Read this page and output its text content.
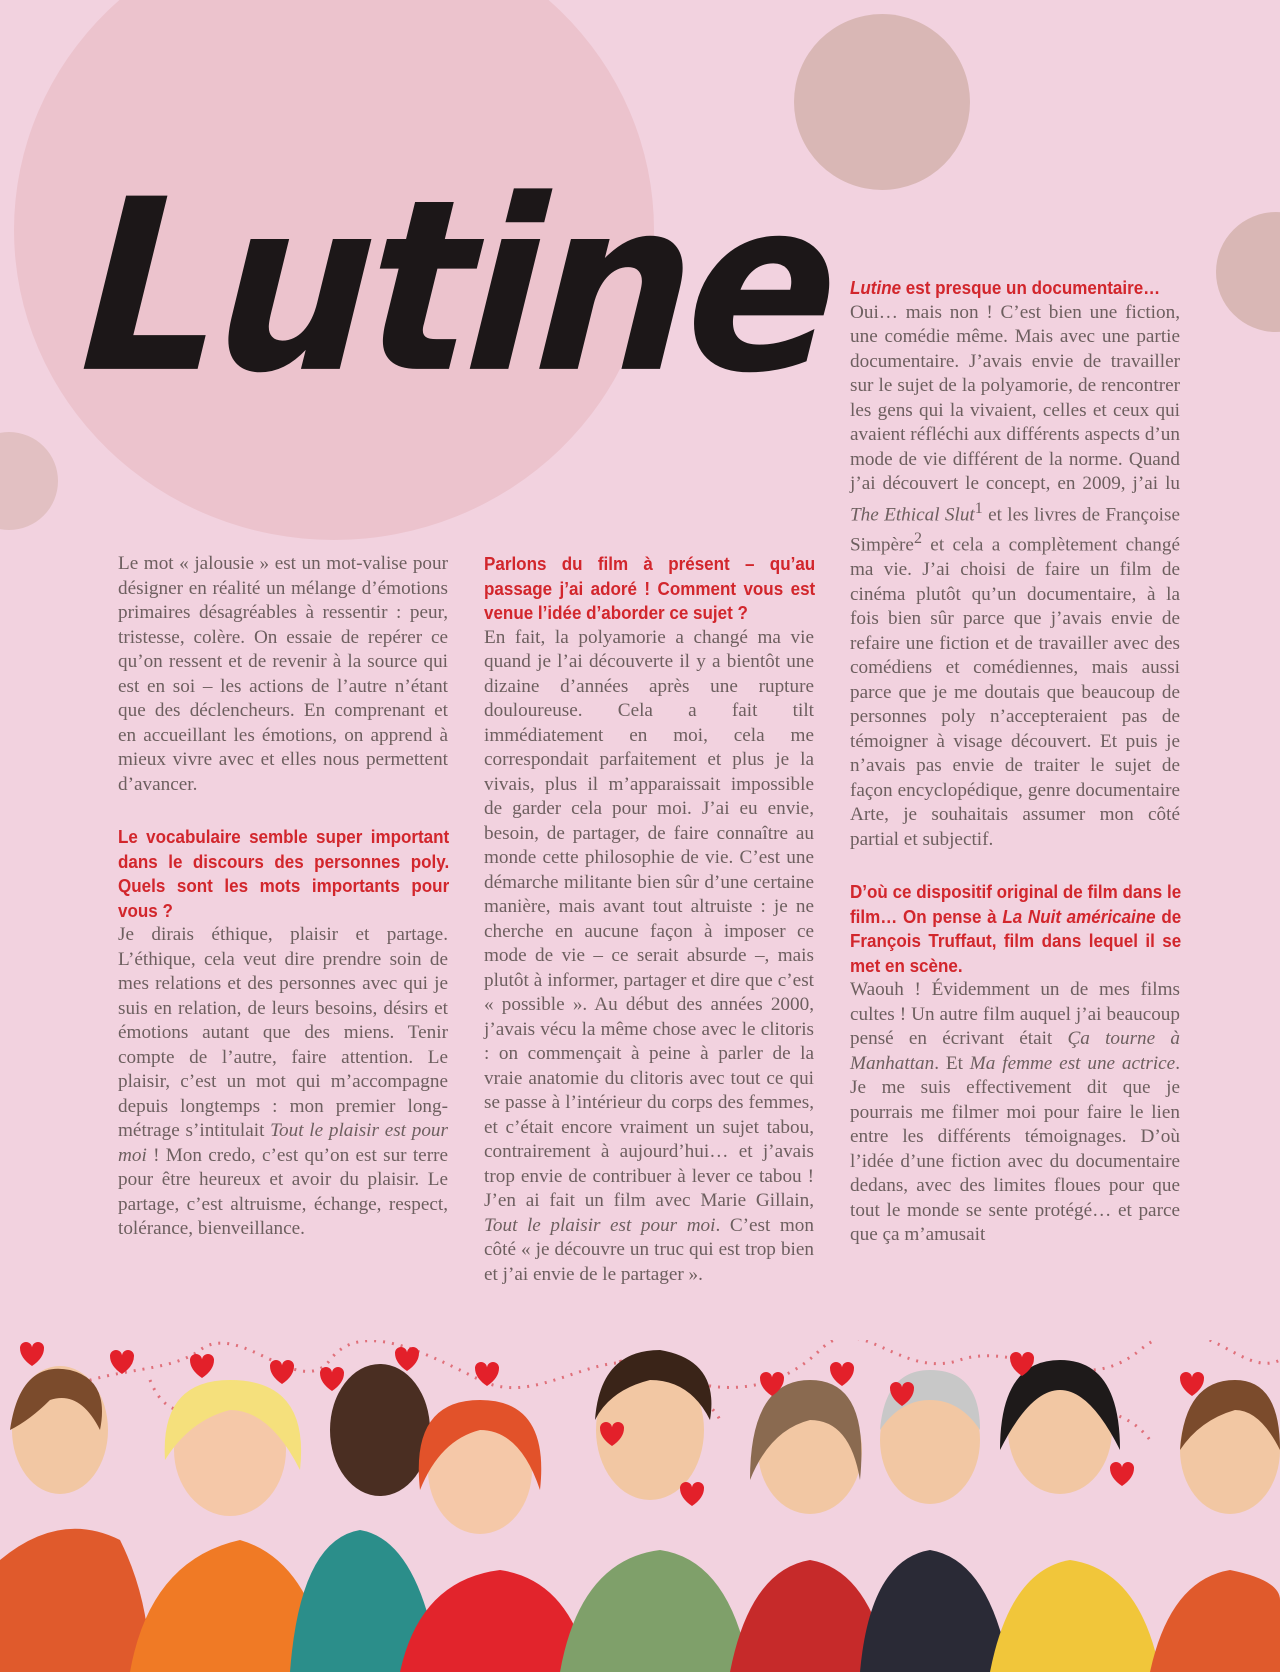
Lutine

Le mot « jalousie » est un mot-valise pour désigner en réalité un mélange d’émotions primaires désagréables à ressentir : peur, tristesse, colère. On essaie de repérer ce qu’on ressent et de revenir à la source qui est en soi – les actions de l’autre n’étant que des déclencheurs. En comprenant et en accueillant les émotions, on apprend à mieux vivre avec et elles nous permettent d’avancer.

Le vocabulaire semble super important dans le discours des personnes poly. Quels sont les mots importants pour vous ?

Je dirais éthique, plaisir et partage. L’éthique, cela veut dire prendre soin de mes relations et des personnes avec qui je suis en relation, de leurs besoins, désirs et émotions autant que des miens. Tenir compte de l’autre, faire attention. Le plaisir, c’est un mot qui m’accompagne depuis longtemps : mon premier long-métrage s’intitulait Tout le plaisir est pour moi ! Mon credo, c’est qu’on est sur terre pour être heureux et avoir du plaisir. Le partage, c’est altruisme, échange, respect, tolérance, bienveillance.

Parlons du film à présent – qu’au passage j’ai adoré ! Comment vous est venue l’idée d’aborder ce sujet ?

En fait, la polyamorie a changé ma vie quand je l’ai découverte il y a bientôt une dizaine d’années après une rupture douloureuse. Cela a fait tilt immédiatement en moi, cela me correspondait parfaitement et plus je la vivais, plus il m’apparaissait impossible de garder cela pour moi. J’ai eu envie, besoin, de partager, de faire connaître au monde cette philosophie de vie. C’est une démarche militante bien sûr d’une certaine manière, mais avant tout altruiste : je ne cherche en aucune façon à imposer ce mode de vie – ce serait absurde –, mais plutôt à informer, partager et dire que c’est « possible ». Au début des années 2000, j’avais vécu la même chose avec le clitoris : on commençait à peine à parler de la vraie anatomie du clitoris avec tout ce qui se passe à l’intérieur du corps des femmes, et c’était encore vraiment un sujet tabou, contrairement à aujourd’hui… et j’avais trop envie de contribuer à lever ce tabou ! J’en ai fait un film avec Marie Gillain, Tout le plaisir est pour moi. C’est mon côté « je découvre un truc qui est trop bien et j’ai envie de le partager ».

Lutine est presque un documentaire…

Oui… mais non ! C’est bien une fiction, une comédie même. Mais avec une partie documentaire. J’avais envie de travailler sur le sujet de la polyamorie, de rencontrer les gens qui la vivaient, celles et ceux qui avaient réfléchi aux différents aspects d’un mode de vie différent de la norme. Quand j’ai découvert le concept, en 2009, j’ai lu The Ethical Slut$^1$ et les livres de Françoise Simpère$^2$ et cela a complètement changé ma vie. J’ai choisi de faire un film de cinéma plutôt qu’un documentaire, à la fois bien sûr parce que j’avais envie de refaire une fiction et de travailler avec des comédiens et comédiennes, mais aussi parce que je me doutais que beaucoup de personnes poly n’accepteraient pas de témoigner à visage découvert. Et puis je n’avais pas envie de traiter le sujet de façon encyclopédique, genre documentaire Arte, je souhaitais assumer mon côté partial et subjectif.

D’où ce dispositif original de film dans le film… On pense à La Nuit américaine de François Truffaut, film dans lequel il se met en scène.

Waouh ! Évidemment un de mes films cultes ! Un autre film auquel j’ai beaucoup pensé en écrivant était Ça tourne à Manhattan. Et Ma femme est une actrice. Je me suis effectivement dit que je pourrais me filmer moi pour faire le lien entre les différents témoignages. D’où l’idée d’une fiction avec du documentaire dedans, avec des limites floues pour que tout le monde se sente protégé… et parce que ça m’amusait
